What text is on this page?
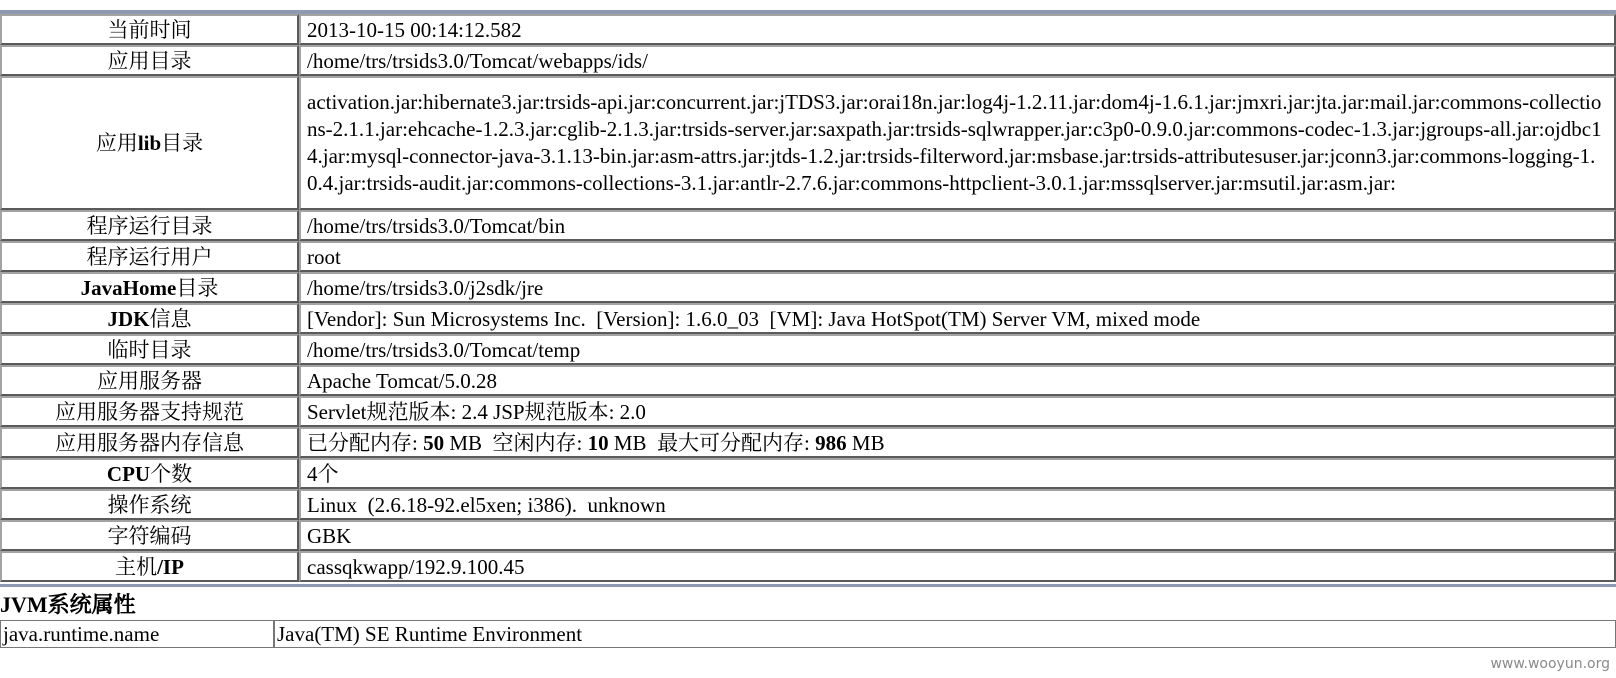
当前时间	2013-10-15 00:14:12.582
应用目录	/home/trs/trsids3.0/Tomcat/webapps/ids/
应用lib目录	activation.jar:hibernate3.jar:trsids-api.jar:concurrent.jar:jTDS3.jar:orai18n.jar:log4j-1.2.11.jar:dom4j-1.6.1.jar:jmxri.jar:jta.jar:mail.jar:commons-collections-2.1.1.jar:ehcache-1.2.3.jar:cglib-2.1.3.jar:trsids-server.jar:saxpath.jar:trsids-sqlwrapper.jar:c3p0-0.9.0.jar:commons-codec-1.3.jar:jgroups-all.jar:ojdbc14.jar:mysql-connector-java-3.1.13-bin.jar:asm-attrs.jar:jtds-1.2.jar:trsids-filterword.jar:msbase.jar:trsids-attributesuser.jar:jconn3.jar:commons-logging-1.0.4.jar:trsids-audit.jar:commons-collections-3.1.jar:antlr-2.7.6.jar:commons-httpclient-3.0.1.jar:mssqlserver.jar:msutil.jar:asm.jar:
程序运行目录	/home/trs/trsids3.0/Tomcat/bin
程序运行用户	root
JavaHome目录	/home/trs/trsids3.0/j2sdk/jre
JDK信息	[Vendor]: Sun Microsystems Inc.  [Version]: 1.6.0_03  [VM]: Java HotSpot(TM) Server VM, mixed mode
临时目录	/home/trs/trsids3.0/Tomcat/temp
应用服务器	Apache Tomcat/5.0.28
应用服务器支持规范	Servlet规范版本: 2.4 JSP规范版本: 2.0
应用服务器内存信息	已分配内存: 50 MB  空闲内存: 10 MB  最大可分配内存: 986 MB
CPU个数	4个
操作系统	Linux  (2.6.18-92.el5xen; i386).  unknown
字符编码	GBK
主机/IP	cassqkwapp/192.9.100.45
JVM系统属性
java.runtime.name	Java(TM) SE Runtime Environment
www.wooyun.org
